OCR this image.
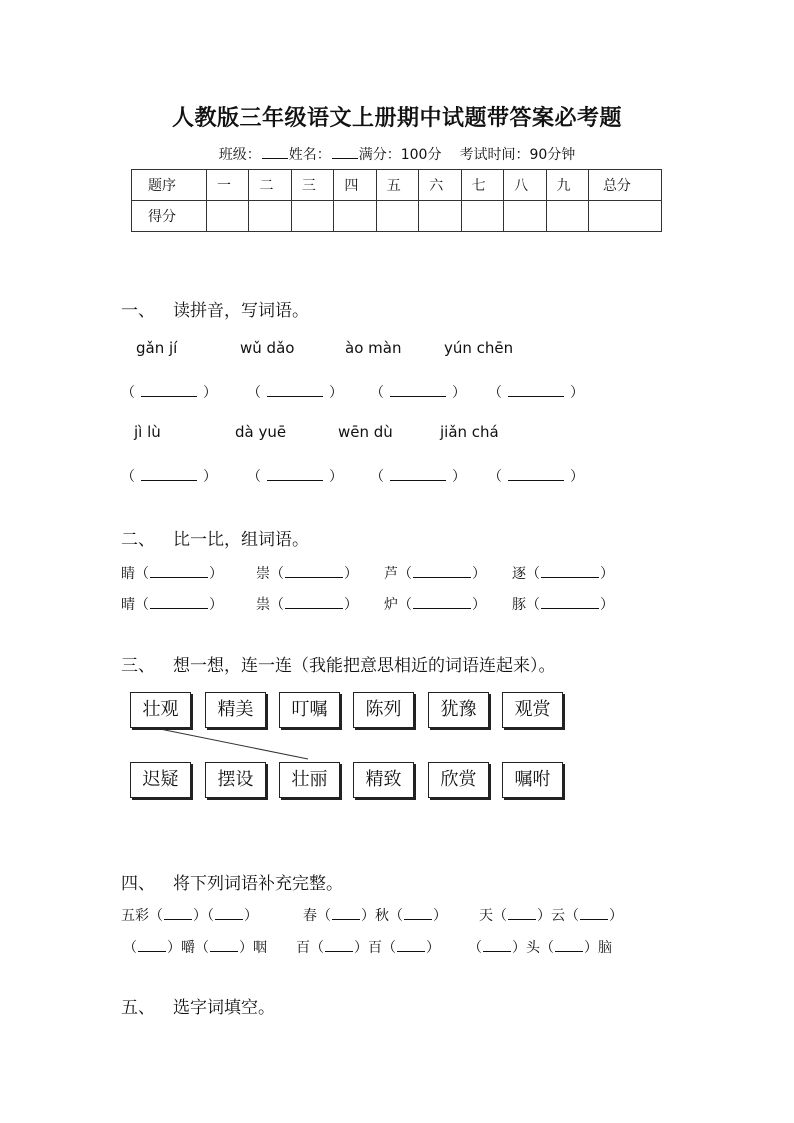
人教版三年级语文上册期中试题带答案必考题
班级： 姓名： 满分：100分 考试时间：90分钟
题序	一	二	三	四	五	六	七	八	九	总分
得分										
一、 读拼音，写词语。
gǎn jí	wǔ dǎo	ào màn	yún chēn
（	） （	） （	） （	）
jì lù	dà yuē	wēn dù	jiǎn chá
（	） （	） （	） （	）
二、 比一比，组词语。
睛（	） 崇（	） 芦（	） 逐（	）
晴（	） 祟（	） 炉（	） 豚（	）
三、 想一想，连一连（我能把意思相近的词语连起来）。
壮观	精美	叮嘱	陈列	犹豫	观赏
迟疑	摆设	壮丽	精致	欣赏	嘱咐
四、 将下列词语补充完整。
五彩（ ）（ ）	春（ ）秋（ ） 天（ ）云（ ）
（ ）嚼（ ）咽 百（ ）百（ ） （ ）头（ ）脑
五、 选字词填空。
